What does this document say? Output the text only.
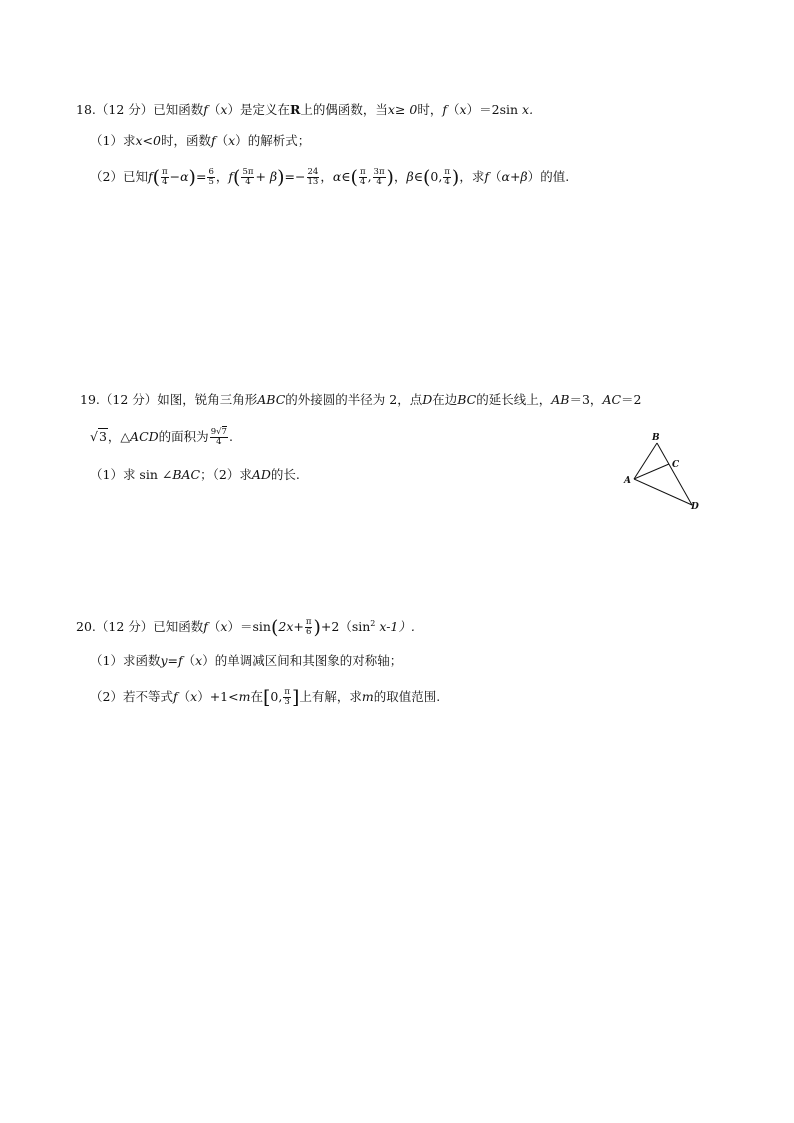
18.（12 分）已知函数f（x）是定义在R上的偶函数，当x≥ 0时，f（x）＝2sin x.
（1）求x<0时，函数f（x）的解析式；
（2）已知$f( \frac{\pi}{4} -\alpha)= \frac{6}{5}$ ，$f( \frac{5\pi}{4} + \beta)=- \frac{24}{13}$ ，α∈( $\frac{\pi}{4}$ , $\frac{3\pi}{4}$ )，β∈(0, $\frac{\pi}{4}$ )，求f（α+β）的值.
19.（12 分）如图，锐角三角形ABC的外接圆的半径为 2，点D在边BC的延长线上，AB＝3，AC＝2
√3，△ACD的面积为 $\frac{9√7}{4}$ .
（1）求 sin ∠BAC；（2）求AD的长.	A
B
C
D
20.（12 分）已知函数$f(x)=\sin(2x+ \frac{\pi}{6} )+2(\sin^2$ x-1）.
（1）求函数y=f（x）的单调减区间和其图象的对称轴；
（2）若不等式f（x）+1<m在[0, $\frac{\pi}{3}$ ]上有解，求m的取值范围.
